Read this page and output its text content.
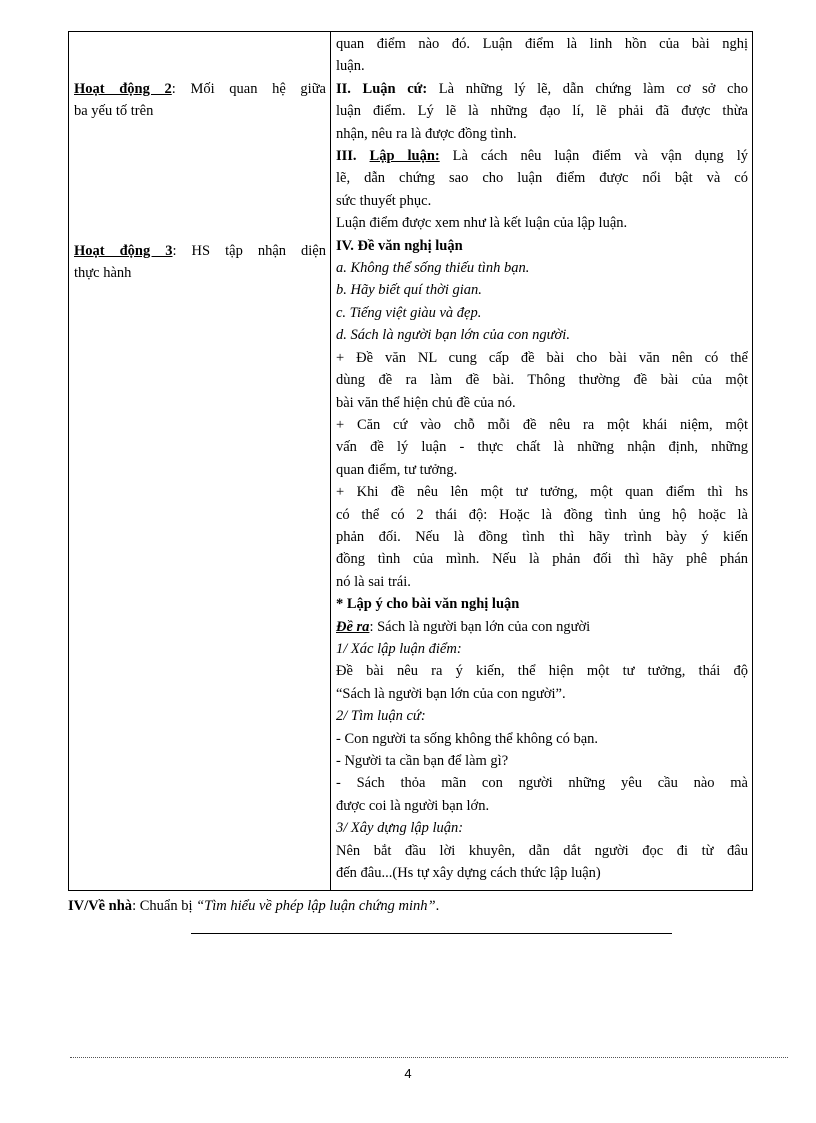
Hoạt động 2: Mối quan hệ giữa
ba yếu tố trên
Hoạt động 3: HS tập nhận diện
thực hành
quan điểm nào đó. Luận điểm là linh hồn của bài nghị
luận.
II. Luận cứ: Là những lý lẽ, dẫn chứng làm cơ sở cho
luận điểm. Lý lẽ là những đạo lí, lẽ phải đã được thừa
nhận, nêu ra là được đồng tình.
III. Lập luận: Là cách nêu luận điểm và vận dụng lý
lẽ, dẫn chứng sao cho luận điểm được nổi bật và có
sức thuyết phục.
Luận điểm được xem như là kết luận của lập luận.
IV. Đề văn nghị luận
a. Không thể sống thiếu tình bạn.
b. Hãy biết quí thời gian.
c. Tiếng việt giàu và đẹp.
d. Sách là người bạn lớn của con người.
+ Đề văn NL cung cấp đề bài cho bài văn nên có thể
dùng đề ra làm đề bài. Thông thường đề bài của một
bài văn thể hiện chủ đề của nó.
+ Căn cứ vào chỗ mỗi đề nêu ra một khái niệm, một
vấn đề lý luận - thực chất là những nhận định, những
quan điểm, tư tưởng.
+ Khi đề nêu lên một tư tưởng, một quan điểm thì hs
có thể có 2 thái độ: Hoặc là đồng tình ủng hộ hoặc là
phản đối. Nếu là đồng tình thì hãy trình bày ý kiến
đồng tình của mình. Nếu là phản đối thì hãy phê phán
nó là sai trái.
* Lập ý cho bài văn nghị luận
Đề ra: Sách là người bạn lớn của con người
1/ Xác lập luận điểm:
Đề bài nêu ra ý kiến, thể hiện một tư tưởng, thái độ
“Sách là người bạn lớn của con người”.
2/ Tìm luận cứ:
- Con người ta sống không thể không có bạn.
- Người ta cần bạn để làm gì?
- Sách thỏa mãn con người những yêu cầu nào mà
được coi là người bạn lớn.
3/ Xây dựng lập luận:
Nên bắt đầu lời khuyên, dẫn dắt người đọc đi từ đâu
đến đâu...(Hs tự xây dựng cách thức lập luận)
IV/Về nhà: Chuẩn bị “Tìm hiểu về phép lập luận chứng minh”.
4
